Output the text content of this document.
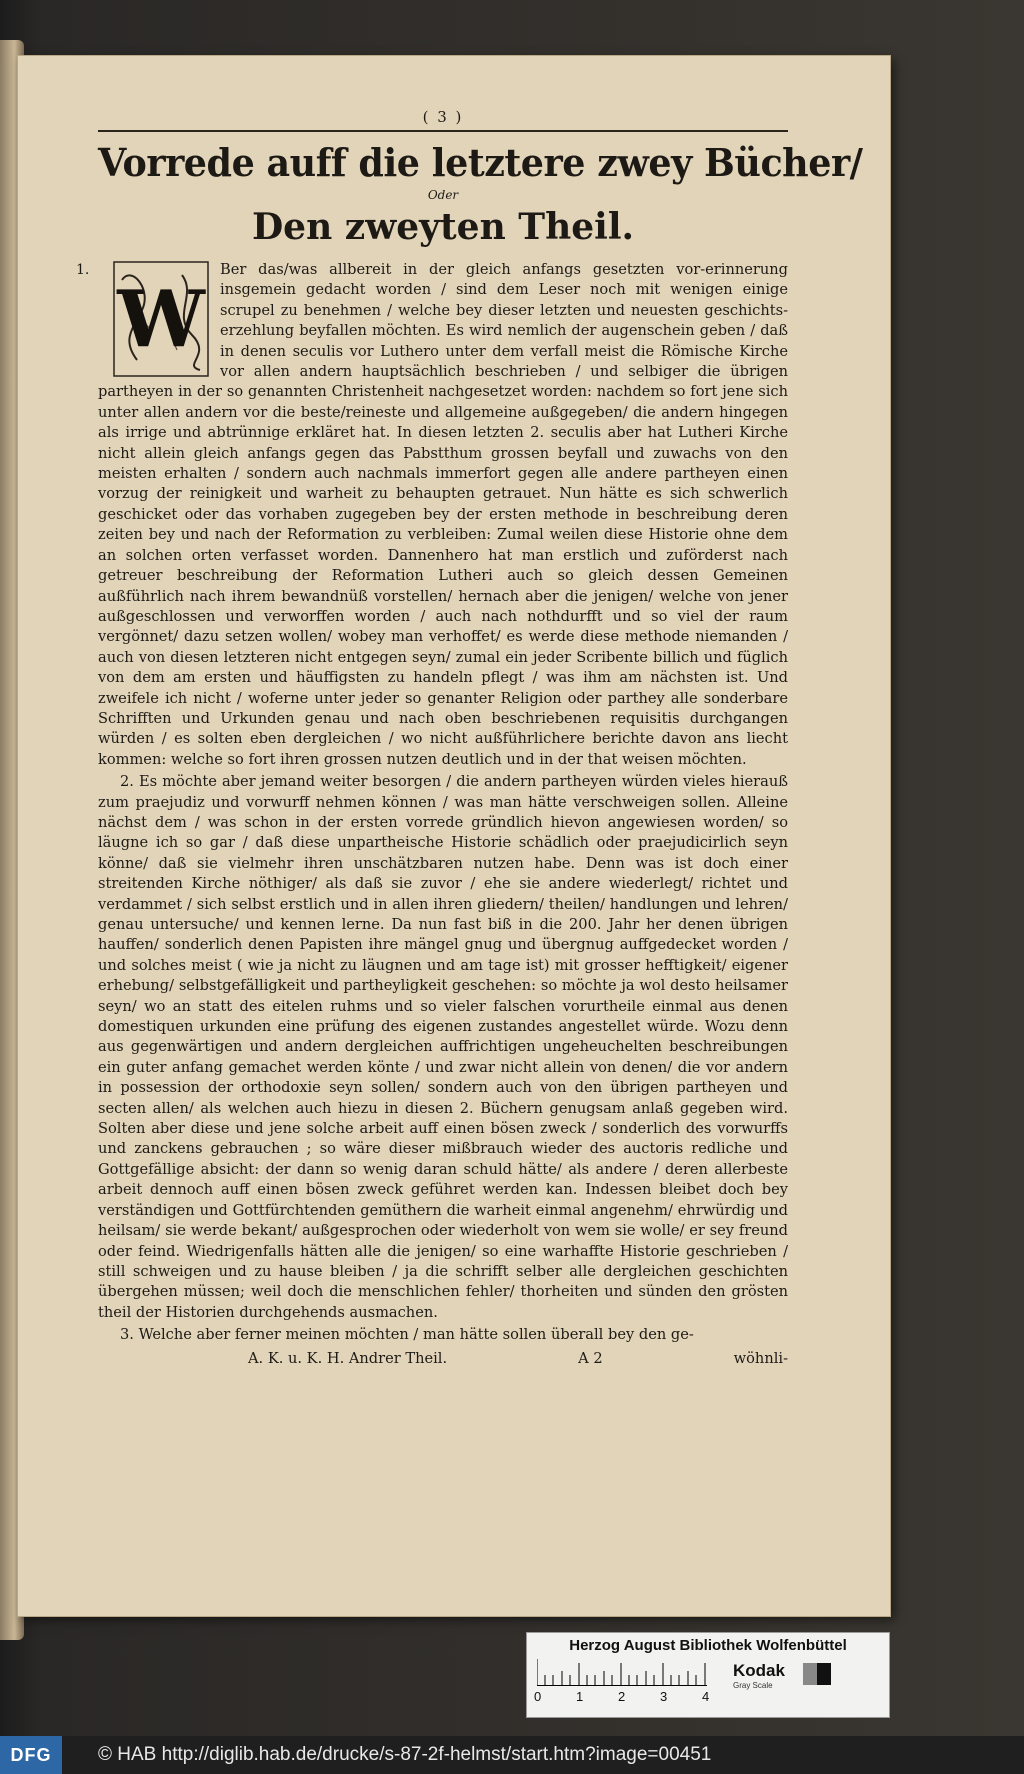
( 3 )
Vorrede auff die letztere zwey Bücher/
Oder
Den zweyten Theil.
1.
W
Ber das/was allbereit in der gleich anfangs gesetzten vor-erinnerung insgemein gedacht worden / sind dem Leser noch mit wenigen einige scrupel zu benehmen / welche bey dieser letzten und neuesten geschichts-erzehlung beyfallen möchten. Es wird nemlich der augenschein geben / daß in denen seculis vor Luthero unter dem verfall meist die Römische Kirche vor allen andern hauptsächlich beschrieben / und selbiger die übrigen partheyen in der so genannten Christenheit nachgesetzet worden: nachdem so fort jene sich unter allen andern vor die beste/reineste und allgemeine außgegeben/ die andern hingegen als irrige und abtrünnige erkläret hat. In diesen letzten 2. seculis aber hat Lutheri Kirche nicht allein gleich anfangs gegen das Pabstthum grossen beyfall und zuwachs von den meisten erhalten / sondern auch nachmals immerfort gegen alle andere partheyen einen vorzug der reinigkeit und warheit zu behaupten getrauet. Nun hätte es sich schwerlich geschicket oder das vorhaben zugegeben bey der ersten methode in beschreibung deren zeiten bey und nach der Reformation zu verbleiben: Zumal weilen diese Historie ohne dem an solchen orten verfasset worden. Dannenhero hat man erstlich und zuförderst nach getreuer beschreibung der Reformation Lutheri auch so gleich dessen Gemeinen außführlich nach ihrem bewandnüß vorstellen/ hernach aber die jenigen/ welche von jener außgeschlossen und verworffen worden / auch nach nothdurfft und so viel der raum vergönnet/ dazu setzen wollen/ wobey man verhoffet/ es werde diese methode niemanden / auch von diesen letzteren nicht entgegen seyn/ zumal ein jeder Scribente billich und füglich von dem am ersten und häuffigsten zu handeln pflegt / was ihm am nächsten ist. Und zweifele ich nicht / woferne unter jeder so genanter Religion oder parthey alle sonderbare Schrifften und Urkunden genau und nach oben beschriebenen requisitis durchgangen würden / es solten eben dergleichen / wo nicht außführlichere berichte davon ans liecht kommen: welche so fort ihren grossen nutzen deutlich und in der that weisen möchten.

2. Es möchte aber jemand weiter besorgen / die andern partheyen würden vieles hierauß zum praejudiz und vorwurff nehmen können / was man hätte verschweigen sollen. Alleine nächst dem / was schon in der ersten vorrede gründlich hievon angewiesen worden/ so läugne ich so gar / daß diese unpartheische Historie schädlich oder praejudicirlich seyn könne/ daß sie vielmehr ihren unschätzbaren nutzen habe. Denn was ist doch einer streitenden Kirche nöthiger/ als daß sie zuvor / ehe sie andere wiederlegt/ richtet und verdammet / sich selbst erstlich und in allen ihren gliedern/ theilen/ handlungen und lehren/ genau untersuche/ und kennen lerne. Da nun fast biß in die 200. Jahr her denen übrigen hauffen/ sonderlich denen Papisten ihre mängel gnug und übergnug auffgedecket worden / und solches meist ( wie ja nicht zu läugnen und am tage ist) mit grosser hefftigkeit/ eigener erhebung/ selbstgefälligkeit und partheyligkeit geschehen: so möchte ja wol desto heilsamer seyn/ wo an statt des eitelen ruhms und so vieler falschen vorurtheile einmal aus denen domestiquen urkunden eine prüfung des eigenen zustandes angestellet würde. Wozu denn aus gegenwärtigen und andern dergleichen auffrichtigen ungeheuchelten beschreibungen ein guter anfang gemachet werden könte / und zwar nicht allein von denen/ die vor andern in possession der orthodoxie seyn sollen/ sondern auch von den übrigen partheyen und secten allen/ als welchen auch hiezu in diesen 2. Büchern genugsam anlaß gegeben wird. Solten aber diese und jene solche arbeit auff einen bösen zweck / sonderlich des vorwurffs und zanckens gebrauchen ; so wäre dieser mißbrauch wieder des auctoris redliche und Gottgefällige absicht: der dann so wenig daran schuld hätte/ als andere / deren allerbeste arbeit dennoch auff einen bösen zweck geführet werden kan. Indessen bleibet doch bey verständigen und Gottfürchtenden gemüthern die warheit einmal angenehm/ ehrwürdig und heilsam/ sie werde bekant/ außgesprochen oder wiederholt von wem sie wolle/ er sey freund oder feind. Wiedrigenfalls hätten alle die jenigen/ so eine warhaffte Historie geschrieben / still schweigen und zu hause bleiben / ja die schrifft selber alle dergleichen geschichten übergehen müssen; weil doch die menschlichen fehler/ thorheiten und sünden den grösten theil der Historien durchgehends ausmachen.

3. Welche aber ferner meinen möchten / man hätte sollen überall bey den ge-

A. K. u. K. H. Andrer Theil.	A 2	wöhnli-
Herzog August Bibliothek Wolfenbüttel
0	1	2	3	4
Kodak
Gray Scale
DFG	© HAB http://diglib.hab.de/drucke/s-87-2f-helmst/start.htm?image=00451
